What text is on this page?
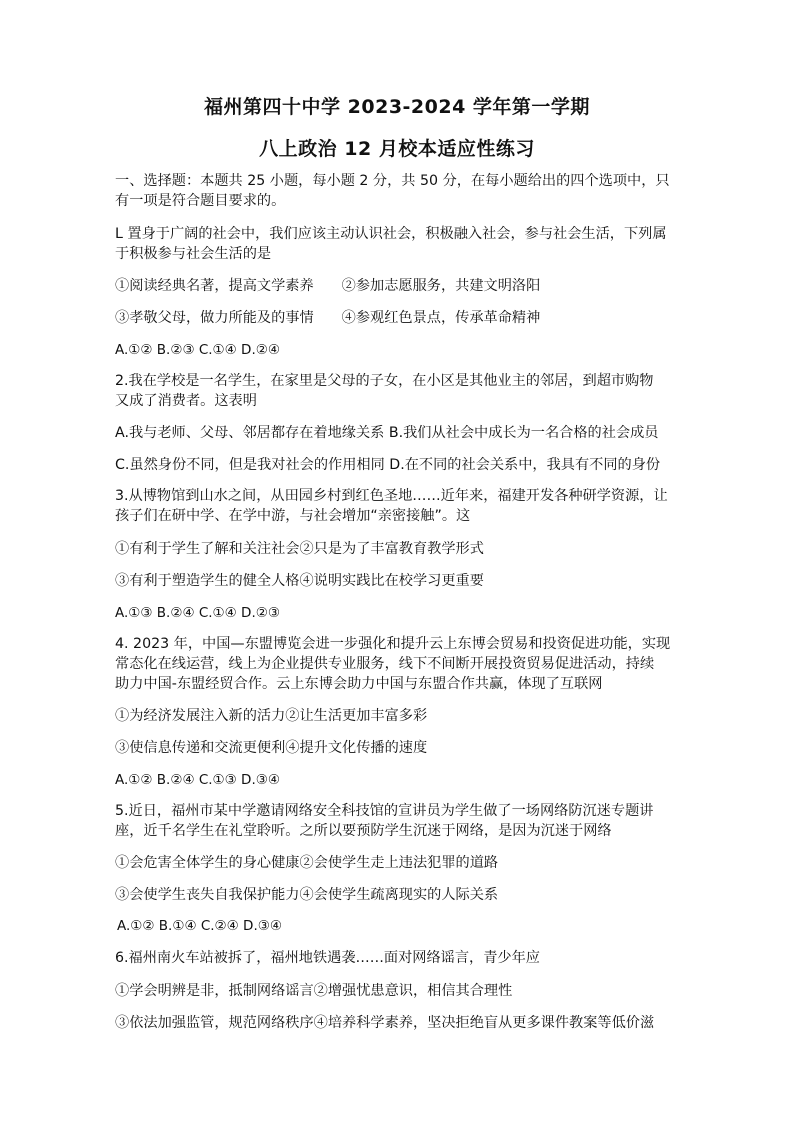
福州第四十中学 2023-2024 学年第一学期
八上政治 12 月校本适应性练习
一、选择题：本题共 25 小题，每小题 2 分，共 50 分，在每小题给出的四个选项中，只
有一项是符合题目要求的。
L 置身于广阔的社会中，我们应该主动认识社会，积极融入社会，参与社会生活，下列属
于积极参与社会生活的是
①阅读经典名著，提高文学素养 ②参加志愿服务，共建文明洛阳
③孝敬父母，做力所能及的事情 ④参观红色景点，传承革命精神
A.①② B.②③ C.①④ D.②④
2.我在学校是一名学生，在家里是父母的子女，在小区是其他业主的邻居，到超市购物
又成了消费者。这表明
A.我与老师、父母、邻居都存在着地缘关系 B.我们从社会中成长为一名合格的社会成员
C.虽然身份不同，但是我对社会的作用相同 D.在不同的社会关系中，我具有不同的身份
3.从博物馆到山水之间，从田园乡村到红色圣地……近年来，福建开发各种研学资源，让
孩子们在研中学、在学中游，与社会增加“亲密接触”。这
①有利于学生了解和关注社会②只是为了丰富教育教学形式
③有利于塑造学生的健全人格④说明实践比在校学习更重要
A.①③ B.②④ C.①④ D.②③
4. 2023 年，中国—东盟博览会进一步强化和提升云上东博会贸易和投资促进功能，实现
常态化在线运营，线上为企业提供专业服务，线下不间断开展投资贸易促进活动，持续
助力中国-东盟经贸合作。云上东博会助力中国与东盟合作共赢，体现了互联网
①为经济发展注入新的活力②让生活更加丰富多彩
③使信息传递和交流更便利④提升文化传播的速度
A.①② B.②④ C.①③ D.③④
5.近日，福州市某中学邀请网络安全科技馆的宣讲员为学生做了一场网络防沉迷专题讲
座，近千名学生在礼堂聆听。之所以要预防学生沉迷于网络，是因为沉迷于网络
①会危害全体学生的身心健康②会使学生走上违法犯罪的道路
③会使学生丧失自我保护能力④会使学生疏离现实的人际关系
A.①② B.①④ C.②④ D.③④
6.福州南火车站被拆了，福州地铁遇袭……面对网络谣言，青少年应
①学会明辨是非，抵制网络谣言②增强忧患意识，相信其合理性
③依法加强监管，规范网络秩序④培养科学素养，坚决拒绝盲从更多课件教案等低价滋
